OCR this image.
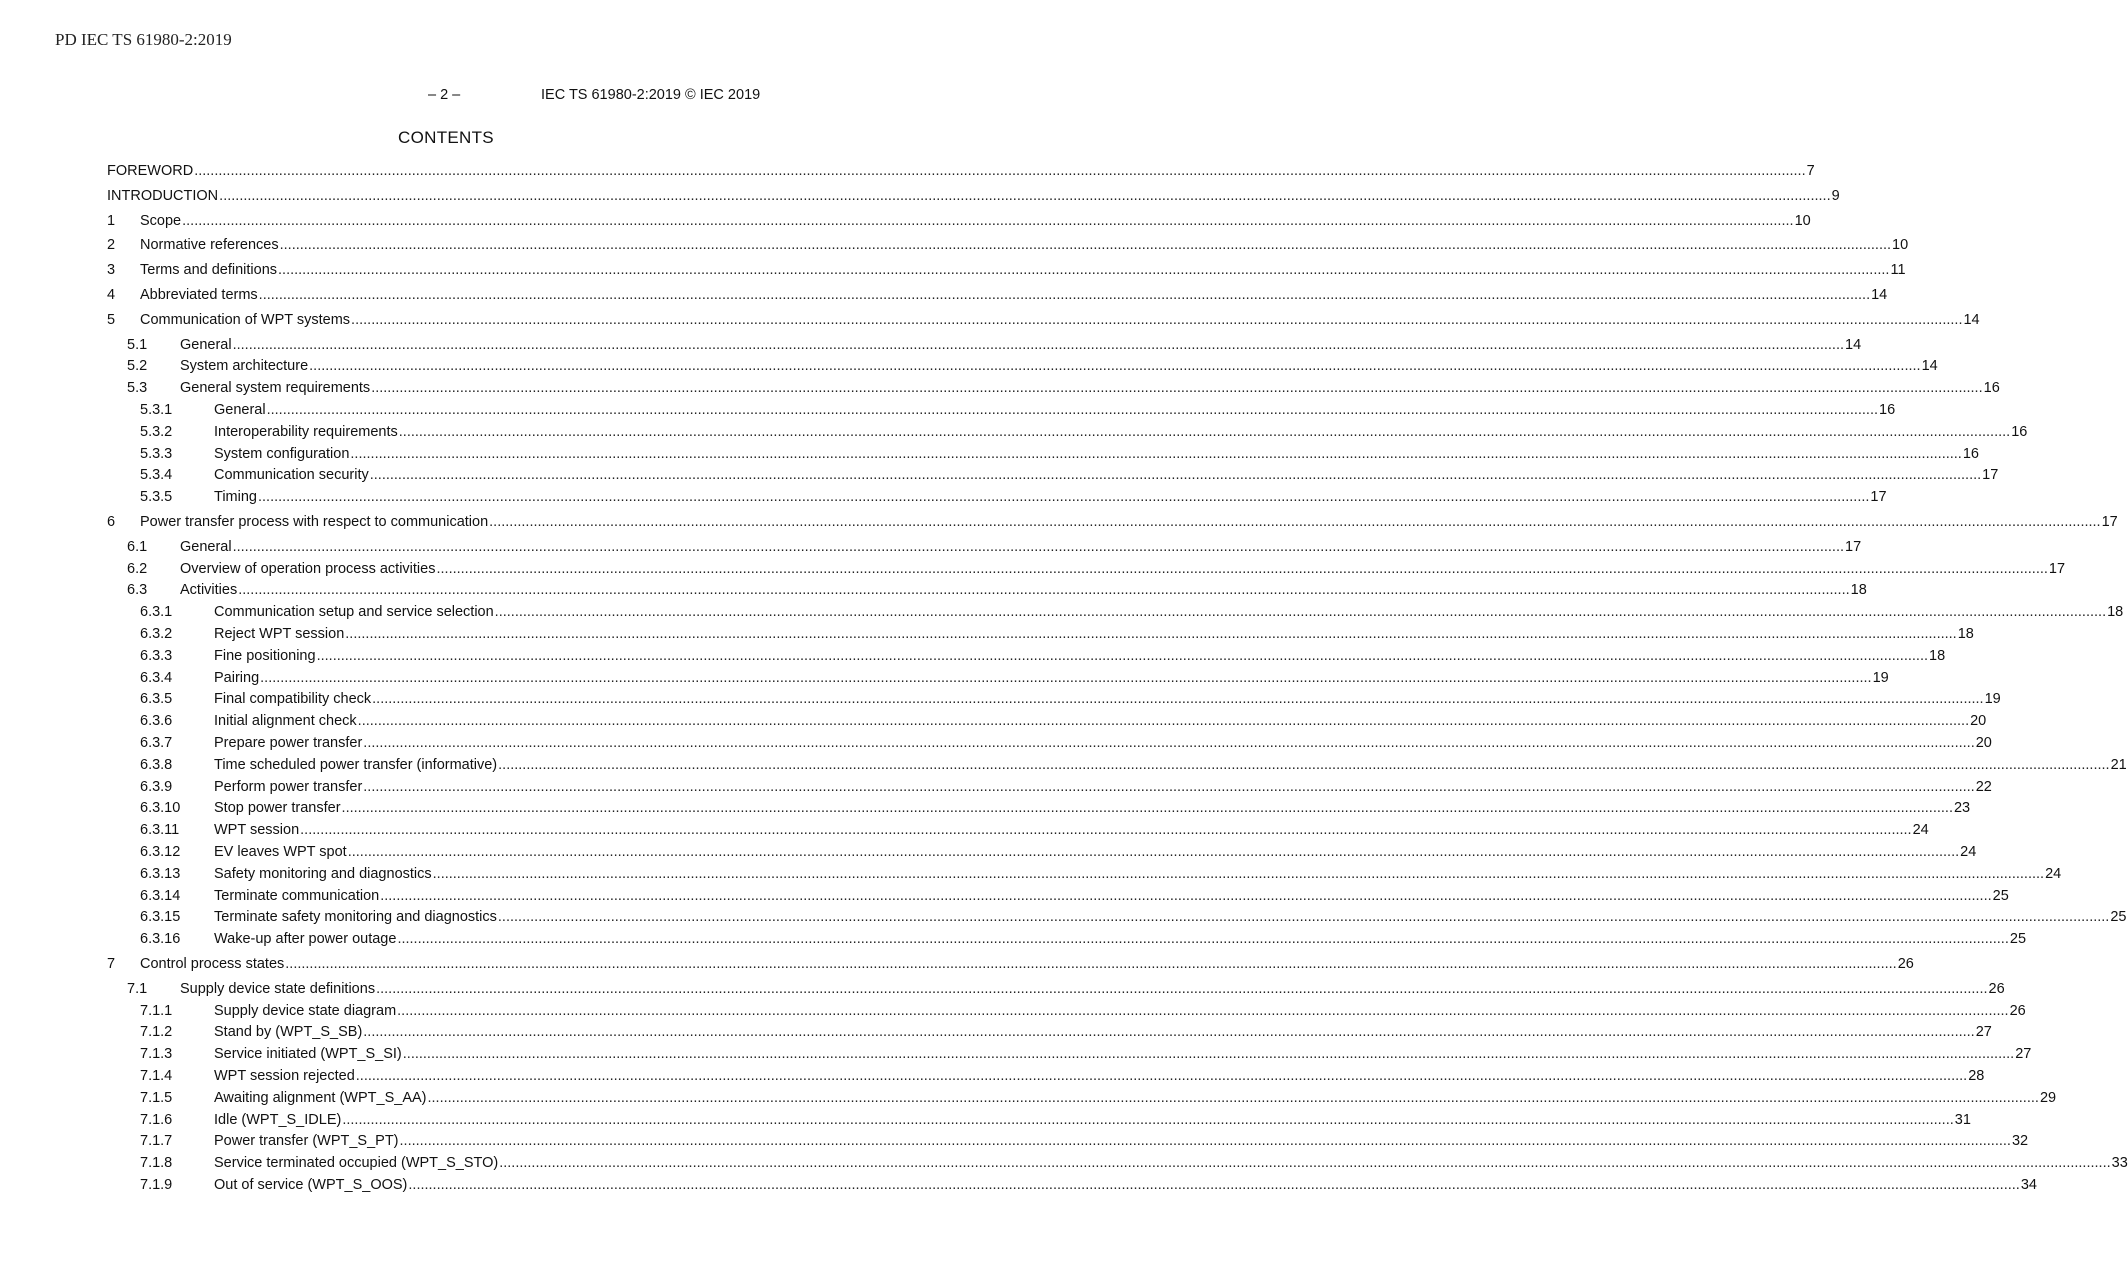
PD IEC TS 61980-2:2019
– 2 –	IEC TS 61980-2:2019 © IEC 2019
CONTENTS
FOREWORD ................................................................................................................................................................................................................................................................................................................................................................................................................ 7
INTRODUCTION ................................................................................................................................................................................................................................................................................................................................................................................................................ 9
1	Scope ................................................................................................................................................................................................................................................................................................................................................................................................................ 10
2	Normative references ................................................................................................................................................................................................................................................................................................................................................................................................................ 10
3	Terms and definitions ................................................................................................................................................................................................................................................................................................................................................................................................................ 11
4	Abbreviated terms ................................................................................................................................................................................................................................................................................................................................................................................................................ 14
5	Communication of WPT systems ................................................................................................................................................................................................................................................................................................................................................................................................................ 14
5.1	General ................................................................................................................................................................................................................................................................................................................................................................................................................ 14
5.2	System architecture ................................................................................................................................................................................................................................................................................................................................................................................................................ 14
5.3	General system requirements ................................................................................................................................................................................................................................................................................................................................................................................................................ 16
5.3.1	General ................................................................................................................................................................................................................................................................................................................................................................................................................ 16
5.3.2	Interoperability requirements ................................................................................................................................................................................................................................................................................................................................................................................................................ 16
5.3.3	System configuration ................................................................................................................................................................................................................................................................................................................................................................................................................ 16
5.3.4	Communication security ................................................................................................................................................................................................................................................................................................................................................................................................................ 17
5.3.5	Timing ................................................................................................................................................................................................................................................................................................................................................................................................................ 17
6	Power transfer process with respect to communication ................................................................................................................................................................................................................................................................................................................................................................................................................ 17
6.1	General ................................................................................................................................................................................................................................................................................................................................................................................................................ 17
6.2	Overview of operation process activities ................................................................................................................................................................................................................................................................................................................................................................................................................ 17
6.3	Activities ................................................................................................................................................................................................................................................................................................................................................................................................................ 18
6.3.1	Communication setup and service selection ................................................................................................................................................................................................................................................................................................................................................................................................................ 18
6.3.2	Reject WPT session ................................................................................................................................................................................................................................................................................................................................................................................................................ 18
6.3.3	Fine positioning ................................................................................................................................................................................................................................................................................................................................................................................................................ 18
6.3.4	Pairing ................................................................................................................................................................................................................................................................................................................................................................................................................ 19
6.3.5	Final compatibility check ................................................................................................................................................................................................................................................................................................................................................................................................................ 19
6.3.6	Initial alignment check ................................................................................................................................................................................................................................................................................................................................................................................................................ 20
6.3.7	Prepare power transfer ................................................................................................................................................................................................................................................................................................................................................................................................................ 20
6.3.8	Time scheduled power transfer (informative) ................................................................................................................................................................................................................................................................................................................................................................................................................ 21
6.3.9	Perform power transfer ................................................................................................................................................................................................................................................................................................................................................................................................................ 22
6.3.10	Stop power transfer ................................................................................................................................................................................................................................................................................................................................................................................................................ 23
6.3.11	WPT session ................................................................................................................................................................................................................................................................................................................................................................................................................ 24
6.3.12	EV leaves WPT spot ................................................................................................................................................................................................................................................................................................................................................................................................................ 24
6.3.13	Safety monitoring and diagnostics ................................................................................................................................................................................................................................................................................................................................................................................................................ 24
6.3.14	Terminate communication ................................................................................................................................................................................................................................................................................................................................................................................................................ 25
6.3.15	Terminate safety monitoring and diagnostics ................................................................................................................................................................................................................................................................................................................................................................................................................ 25
6.3.16	Wake-up after power outage ................................................................................................................................................................................................................................................................................................................................................................................................................ 25
7	Control process states ................................................................................................................................................................................................................................................................................................................................................................................................................ 26
7.1	Supply device state definitions ................................................................................................................................................................................................................................................................................................................................................................................................................ 26
7.1.1	Supply device state diagram ................................................................................................................................................................................................................................................................................................................................................................................................................ 26
7.1.2	Stand by (WPT_S_SB) ................................................................................................................................................................................................................................................................................................................................................................................................................ 27
7.1.3	Service initiated (WPT_S_SI) ................................................................................................................................................................................................................................................................................................................................................................................................................ 27
7.1.4	WPT session rejected ................................................................................................................................................................................................................................................................................................................................................................................................................ 28
7.1.5	Awaiting alignment (WPT_S_AA) ................................................................................................................................................................................................................................................................................................................................................................................................................ 29
7.1.6	Idle (WPT_S_IDLE) ................................................................................................................................................................................................................................................................................................................................................................................................................ 31
7.1.7	Power transfer (WPT_S_PT) ................................................................................................................................................................................................................................................................................................................................................................................................................ 32
7.1.8	Service terminated occupied (WPT_S_STO) ................................................................................................................................................................................................................................................................................................................................................................................................................ 33
7.1.9	Out of service (WPT_S_OOS) ................................................................................................................................................................................................................................................................................................................................................................................................................ 34
